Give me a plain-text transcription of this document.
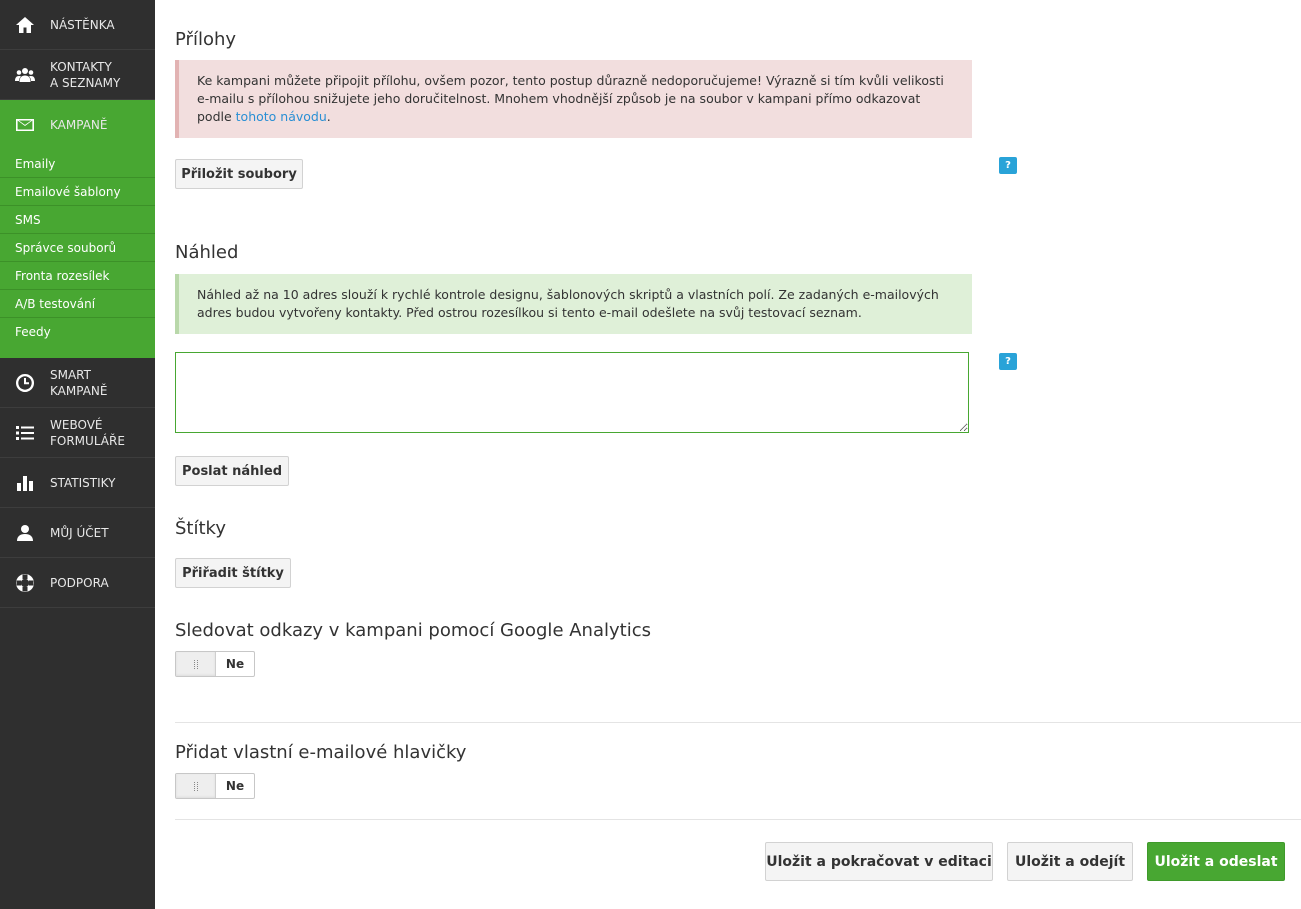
NÁSTĚNKA
KONTAKTY
A SEZNAMY
KAMPANĚ
Emaily
Emailové šablony
SMS
Správce souborů
Fronta rozesílek
A/B testování
Feedy
SMART
KAMPANĚ
WEBOVÉ
FORMULÁŘE
STATISTIKY
MŮJ ÚČET
PODPORA
Přílohy
Ke kampani můžete připojit přílohu, ovšem pozor, tento postup důrazně nedoporučujeme! Výrazně si tím kvůli velikosti e-mailu s přílohou snižujete jeho doručitelnost. Mnohem vhodnější způsob je na soubor v kampani přímo odkazovat podle tohoto návodu.
Přiložit soubory
?
Náhled
Náhled až na 10 adres slouží k rychlé kontrole designu, šablonových skriptů a vlastních polí. Ze zadaných e-mailových adres budou vytvořeny kontakty. Před ostrou rozesílkou si tento e-mail odešlete na svůj testovací seznam.
?
Poslat náhled
Štítky
Přiřadit štítky
Sledovat odkazy v kampani pomocí Google Analytics
Ne
Přidat vlastní e-mailové hlavičky
Ne
Uložit a pokračovat v editaci	Uložit a odejít	Uložit a odeslat
